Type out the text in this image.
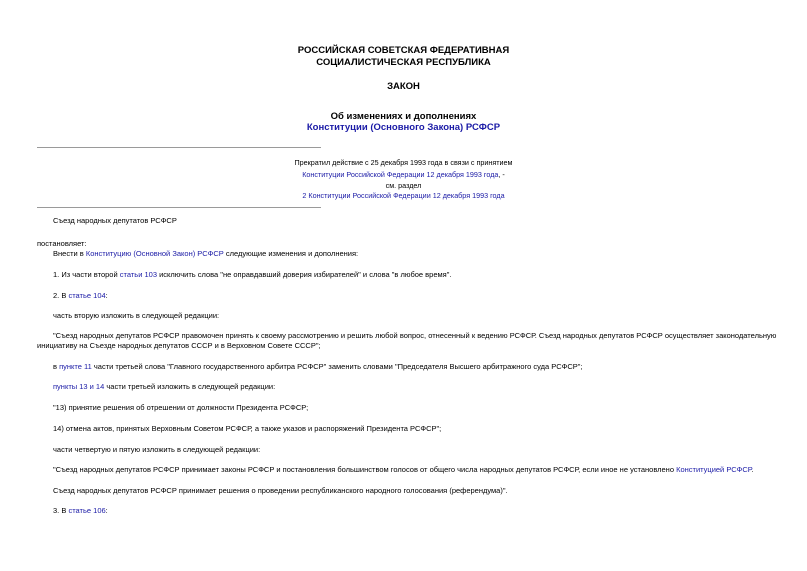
РОССИЙСКАЯ СОВЕТСКАЯ ФЕДЕРАТИВНАЯ
СОЦИАЛИСТИЧЕСКАЯ РЕСПУБЛИКА
ЗАКОН
Об изменениях и дополнениях
Конституции (Основного Закона) РСФСР
Прекратил действие с 25 декабря 1993 года в связи с принятием
Конституции Российской Федерации 12 декабря 1993 года, -
см. раздел
2 Конституции Российской Федерации 12 декабря 1993 года
Съезд народных депутатов РСФСР
постановляет:
Внести в Конституцию (Основной Закон) РСФСР следующие изменения и дополнения:
1. Из части второй статьи 103 исключить слова "не оправдавший доверия избирателей" и слова "в любое время".
2. В статье 104:
часть вторую изложить в следующей редакции:
"Съезд народных депутатов РСФСР правомочен принять к своему рассмотрению и решить любой вопрос, отнесенный к ведению РСФСР. Съезд народных депутатов РСФСР осуществляет законодательную
инициативу на Съезде народных депутатов СССР и в Верховном Совете СССР";
в пункте 11 части третьей слова "Главного государственного арбитра РСФСР" заменить словами "Председателя Высшего арбитражного суда РСФСР";
пункты 13 и 14 части третьей изложить в следующей редакции:
"13) принятие решения об отрешении от должности Президента РСФСР;
14) отмена актов, принятых Верховным Советом РСФСР, а также указов и распоряжений Президента РСФСР";
части четвертую и пятую изложить в следующей редакции:
"Съезд народных депутатов РСФСР принимает законы РСФСР и постановления большинством голосов от общего числа народных депутатов РСФСР, если иное не установлено Конституцией РСФСР.
Съезд народных депутатов РСФСР принимает решения о проведении республиканского народного голосования (референдума)".
3. В статье 106:
